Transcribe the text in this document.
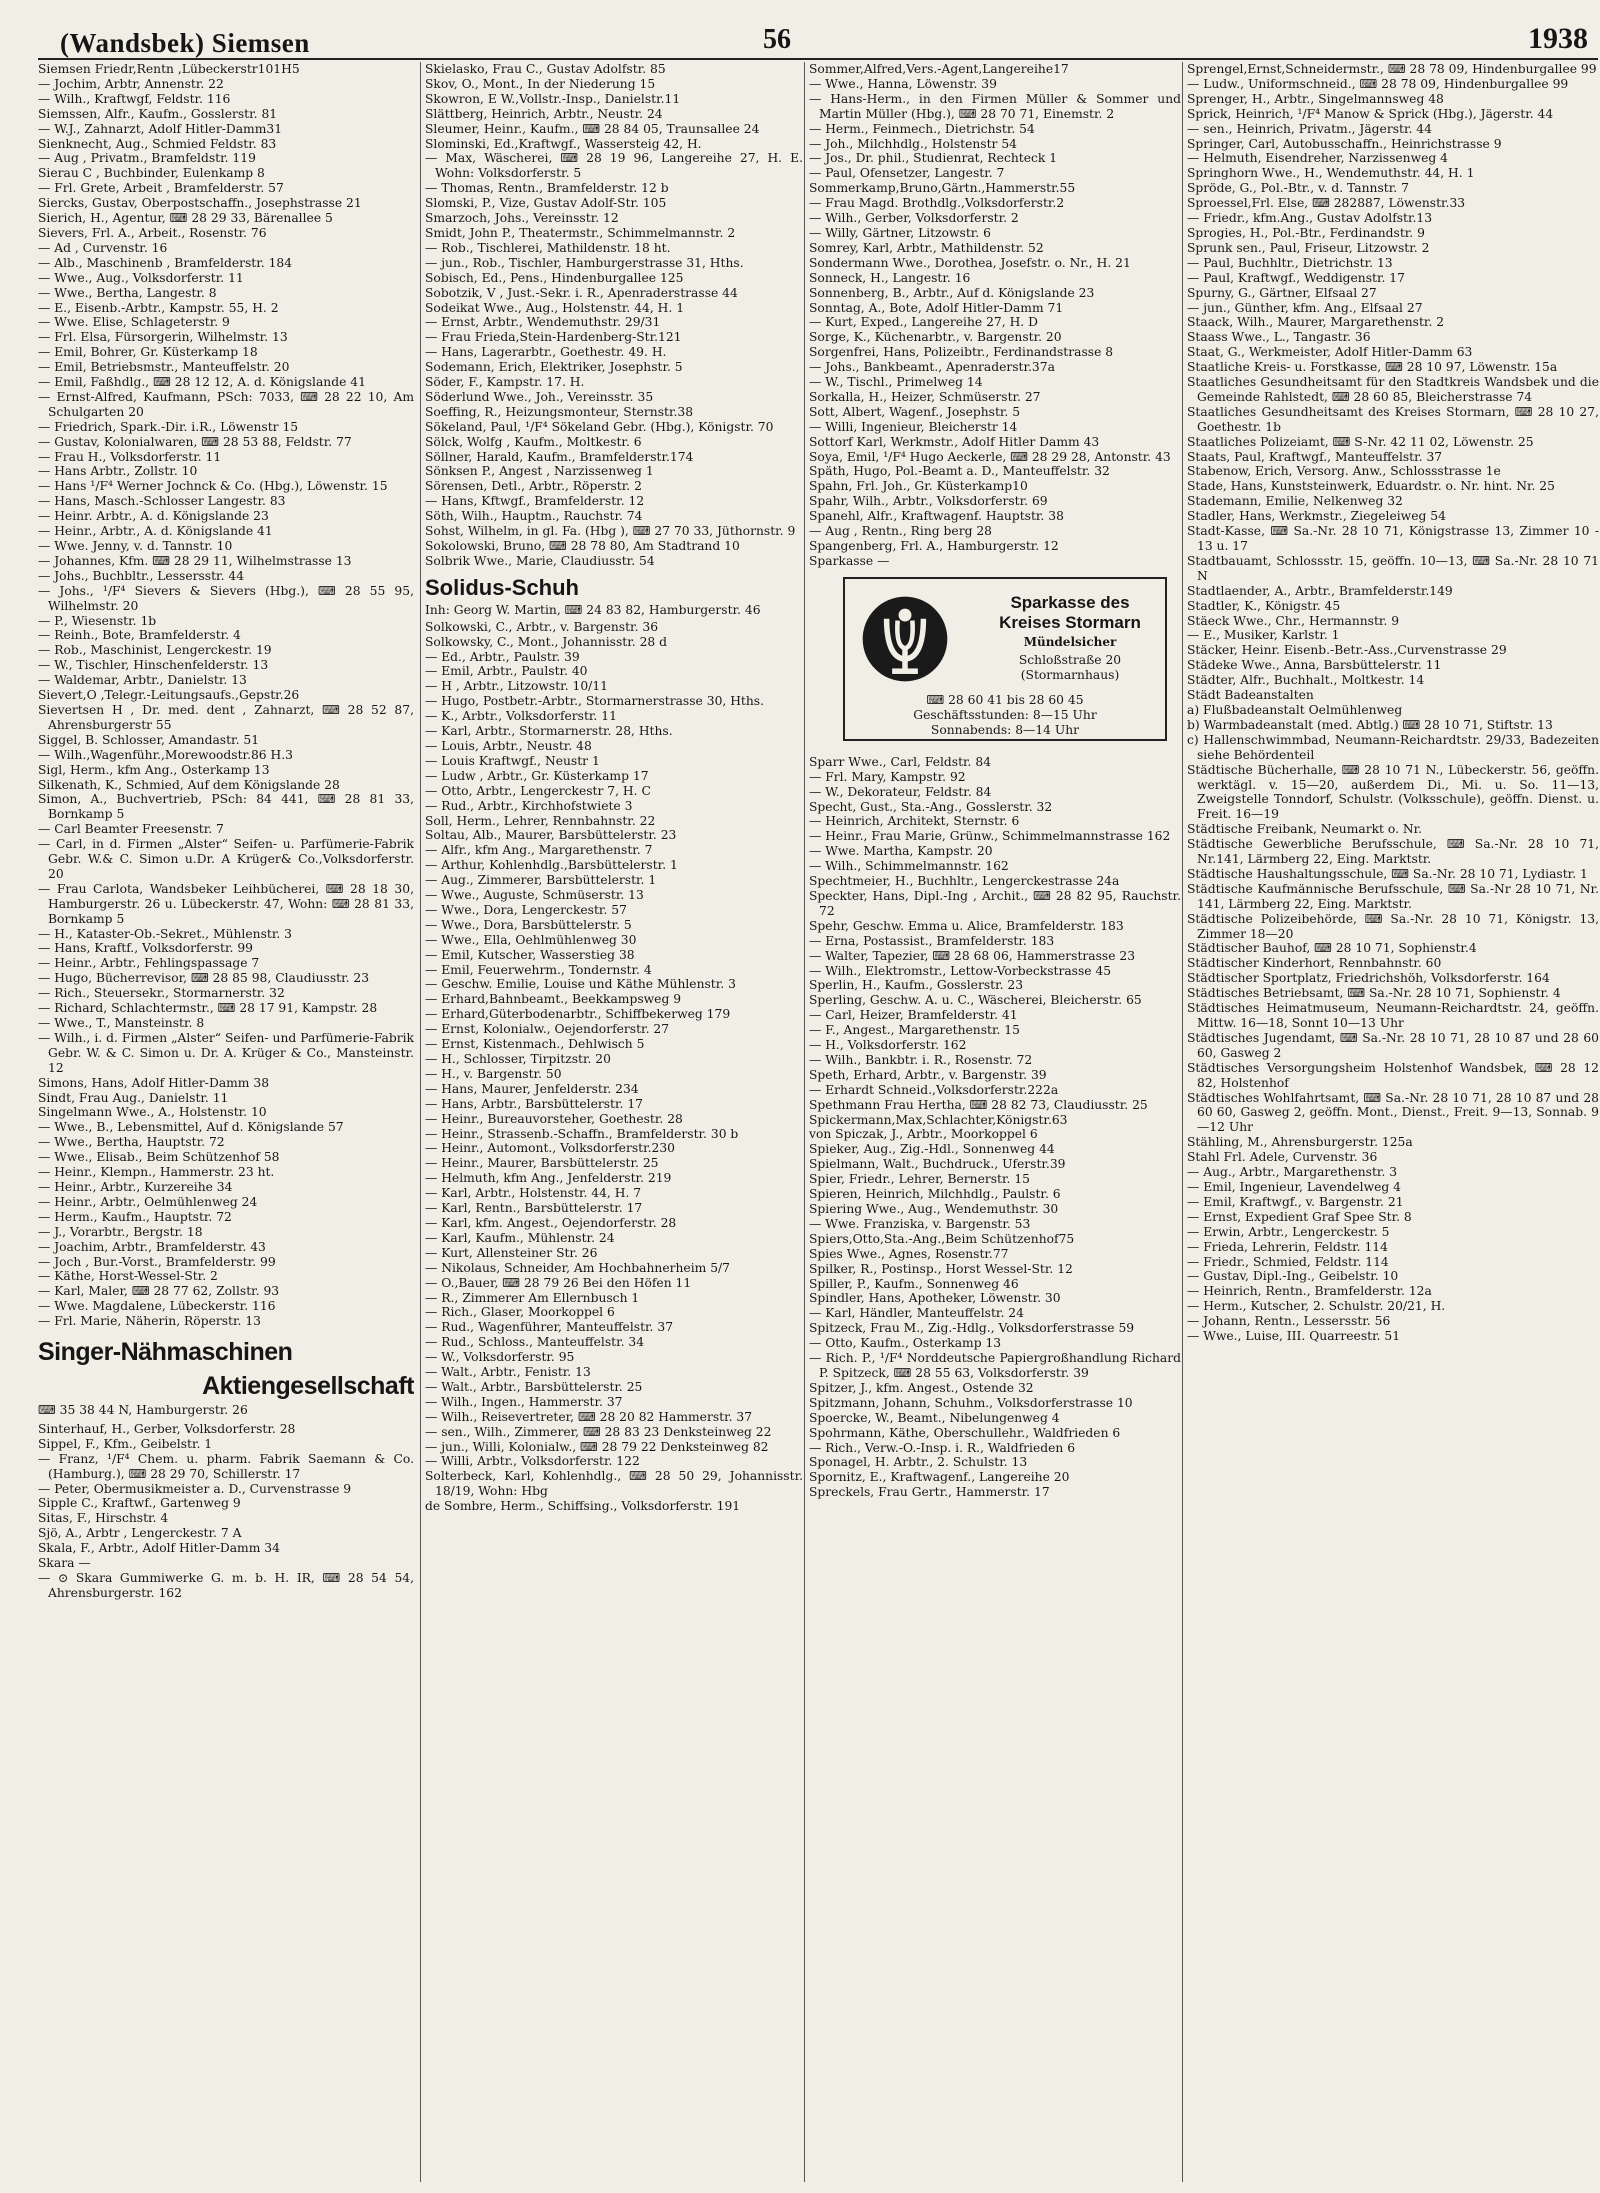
(Wandsbek) Siemsen	56	1938
Siemsen Friedr,Rentn ,Lübeckerstr101H5
— Jochim, Arbtr, Annenstr. 22
— Wilh., Kraftwgf, Feldstr. 116
Siemssen, Alfr., Kaufm., Gosslerstr. 81
— W.J., Zahnarzt, Adolf Hitler-Damm31
Sienknecht, Aug., Schmied Feldstr. 83
— Aug , Privatm., Bramfeldstr. 119
Sierau C , Buchbinder, Eulenkamp 8
— Frl. Grete, Arbeit , Bramfelderstr. 57
Siercks, Gustav, Oberpostschaffn., Josephstrasse 21
Sierich, H., Agentur, ⌨ 28 29 33, Bärenallee 5
Sievers, Frl. A., Arbeit., Rosenstr. 76
— Ad , Curvenstr. 16
— Alb., Maschinenb , Bramfelderstr. 184
— Wwe., Aug., Volksdorferstr. 11
— Wwe., Bertha, Langestr. 8
— E., Eisenb.-Arbtr., Kampstr. 55, H. 2
— Wwe. Elise, Schlageterstr. 9
— Frl. Elsa, Fürsorgerin, Wilhelmstr. 13
— Emil, Bohrer, Gr. Küsterkamp 18
— Emil, Betriebsmstr., Manteuffelstr. 20
— Emil, Faßhdlg., ⌨ 28 12 12, A. d. Königslande 41
— Ernst-Alfred, Kaufmann, PSch: 7033, ⌨ 28 22 10, Am Schulgarten 20
— Friedrich, Spark.-Dir. i.R., Löwenstr 15
— Gustav, Kolonialwaren, ⌨ 28 53 88, Feldstr. 77
— Frau H., Volksdorferstr. 11
— Hans Arbtr., Zollstr. 10
— Hans ¹/F⁴ Werner Jochnck & Co. (Hbg.), Löwenstr. 15
— Hans, Masch.-Schlosser Langestr. 83
— Heinr. Arbtr., A. d. Königslande 23
— Heinr., Arbtr., A. d. Königslande 41
— Wwe. Jenny, v. d. Tannstr. 10
— Johannes, Kfm. ⌨ 28 29 11, Wilhelmstrasse 13
— Johs., Buchbltr., Lessersstr. 44
— Johs., ¹/F⁴ Sievers & Sievers (Hbg.), ⌨ 28 55 95, Wilhelmstr. 20
— P., Wiesenstr. 1b
— Reinh., Bote, Bramfelderstr. 4
— Rob., Maschinist, Lengerckestr. 19
— W., Tischler, Hinschenfelderstr. 13
— Waldemar, Arbtr., Danielstr. 13
Sievert,O ,Telegr.-Leitungsaufs.,Gepstr.26
Sievertsen H , Dr. med. dent , Zahnarzt, ⌨ 28 52 87, Ahrensburgerstr 55
Siggel, B. Schlosser, Amandastr. 51
— Wilh.,Wagenführ.,Morewoodstr.86 H.3
Sigl, Herm., kfm Ang., Osterkamp 13
Silkenath, K., Schmied, Auf dem Königslande 28
Simon, A., Buchvertrieb, PSch: 84 441, ⌨ 28 81 33, Bornkamp 5
— Carl Beamter Freesenstr. 7
— Carl, in d. Firmen „Alster“ Seifen- u. Parfümerie-Fabrik Gebr. W.& C. Simon u.Dr. A Krüger& Co.,Volksdorferstr. 20
— Frau Carlota, Wandsbeker Leihbücherei, ⌨ 28 18 30, Hamburgerstr. 26 u. Lübeckerstr. 47, Wohn: ⌨ 28 81 33, Bornkamp 5
— H., Kataster-Ob.-Sekret., Mühlenstr. 3
— Hans, Kraftf., Volksdorferstr. 99
— Heinr., Arbtr., Fehlingspassage 7
— Hugo, Bücherrevisor, ⌨ 28 85 98, Claudiusstr. 23
— Rich., Steuersekr., Stormarnerstr. 32
— Richard, Schlachtermstr., ⌨ 28 17 91, Kampstr. 28
— Wwe., T., Mansteinstr. 8
— Wilh., i. d. Firmen „Alster“ Seifen- und Parfümerie-Fabrik Gebr. W. & C. Simon u. Dr. A. Krüger & Co., Mansteinstr. 12
Simons, Hans, Adolf Hitler-Damm 38
Sindt, Frau Aug., Danielstr. 11
Singelmann Wwe., A., Holstenstr. 10
— Wwe., B., Lebensmittel, Auf d. Königslande 57
— Wwe., Bertha, Hauptstr. 72
— Wwe., Elisab., Beim Schützenhof 58
— Heinr., Klempn., Hammerstr. 23 ht.
— Heinr., Arbtr., Kurzereihe 34
— Heinr., Arbtr., Oelmühlenweg 24
— Herm., Kaufm., Hauptstr. 72
— J., Vorarbtr., Bergstr. 18
— Joachim, Arbtr., Bramfelderstr. 43
— Joch , Bur.-Vorst., Bramfelderstr. 99
— Käthe, Horst-Wessel-Str. 2
— Karl, Maler, ⌨ 28 77 62, Zollstr. 93
— Wwe. Magdalene, Lübeckerstr. 116
— Frl. Marie, Näherin, Röperstr. 13
Singer-Nähmaschinen
Aktiengesellschaft
⌨ 35 38 44 N, Hamburgerstr. 26
Sinterhauf, H., Gerber, Volksdorferstr. 28
Sippel, F., Kfm., Geibelstr. 1
— Franz, ¹/F⁴ Chem. u. pharm. Fabrik Saemann & Co. (Hamburg.), ⌨ 28 29 70, Schillerstr. 17
— Peter, Obermusikmeister a. D., Curvenstrasse 9
Sipple C., Kraftwf., Gartenweg 9
Sitas, F., Hirschstr. 4
Sjö, A., Arbtr , Lengerckestr. 7 A
Skala, F., Arbtr., Adolf Hitler-Damm 34
Skara —
— ⊙ Skara Gummiwerke G. m. b. H. IR, ⌨ 28 54 54, Ahrensburgerstr. 162
Skielasko, Frau C., Gustav Adolfstr. 85
Skov, O., Mont., In der Niederung 15
Skowron, E W.,Vollstr.-Insp., Danielstr.11
Slättberg, Heinrich, Arbtr., Neustr. 24
Sleumer, Heinr., Kaufm., ⌨ 28 84 05, Traunsallee 24
Slominski, Ed.,Kraftwgf., Wassersteig 42, H.
— Max, Wäscherei, ⌨ 28 19 96, Langereihe 27, H. E. Wohn: Volksdorferstr. 5
— Thomas, Rentn., Bramfelderstr. 12 b
Slomski, P., Vize, Gustav Adolf-Str. 105
Smarzoch, Johs., Vereinsstr. 12
Smidt, John P., Theatermstr., Schimmelmannstr. 2
— Rob., Tischlerei, Mathildenstr. 18 ht.
— jun., Rob., Tischler, Hamburgerstrasse 31, Hths.
Sobisch, Ed., Pens., Hindenburgallee 125
Sobotzik, V , Just.-Sekr. i. R., Apenraderstrasse 44
Sodeikat Wwe., Aug., Holstenstr. 44, H. 1
— Ernst, Arbtr., Wendemuthstr. 29/31
— Frau Frieda,Stein-Hardenberg-Str.121
— Hans, Lagerarbtr., Goethestr. 49. H.
Sodemann, Erich, Elektriker, Josephstr. 5
Söder, F., Kampstr. 17. H.
Söderlund Wwe., Joh., Vereinsstr. 35
Soeffing, R., Heizungsmonteur, Sternstr.38
Sökeland, Paul, ¹/F⁴ Sökeland Gebr. (Hbg.), Königstr. 70
Sölck, Wolfg , Kaufm., Moltkestr. 6
Söllner, Harald, Kaufm., Bramfelderstr.174
Sönksen P., Angest , Narzissenweg 1
Sörensen, Detl., Arbtr., Röperstr. 2
— Hans, Kftwgf., Bramfelderstr. 12
Söth, Wilh., Hauptm., Rauchstr. 74
Sohst, Wilhelm, in gl. Fa. (Hbg ), ⌨ 27 70 33, Jüthornstr. 9
Sokolowski, Bruno, ⌨ 28 78 80, Am Stadtrand 10
Solbrik Wwe., Marie, Claudiusstr. 54
Solidus-Schuh
Inh: Georg W. Martin, ⌨ 24 83 82, Hamburgerstr. 46
Solkowski, C., Arbtr., v. Bargenstr. 36
Solkowsky, C., Mont., Johannisstr. 28 d
— Ed., Arbtr., Paulstr. 39
— Emil, Arbtr., Paulstr. 40
— H , Arbtr., Litzowstr. 10/11
— Hugo, Postbetr.-Arbtr., Stormarnerstrasse 30, Hths.
— K., Arbtr., Volksdorferstr. 11
— Karl, Arbtr., Stormarnerstr. 28, Hths.
— Louis, Arbtr., Neustr. 48
— Louis Kraftwgf., Neustr 1
— Ludw , Arbtr., Gr. Küsterkamp 17
— Otto, Arbtr., Lengerckestr 7, H. C
— Rud., Arbtr., Kirchhofstwiete 3
Soll, Herm., Lehrer, Rennbahnstr. 22
Soltau, Alb., Maurer, Barsbüttelerstr. 23
— Alfr., kfm Ang., Margarethenstr. 7
— Arthur, Kohlenhdlg.,Barsbüttelerstr. 1
— Aug., Zimmerer, Barsbüttelerstr. 1
— Wwe., Auguste, Schmüserstr. 13
— Wwe., Dora, Lengerckestr. 57
— Wwe., Dora, Barsbüttelerstr. 5
— Wwe., Ella, Oehlmühlenweg 30
— Emil, Kutscher, Wasserstieg 38
— Emil, Feuerwehrm., Tondernstr. 4
— Geschw. Emilie, Louise und Käthe Mühlenstr. 3
— Erhard,Bahnbeamt., Beekkampsweg 9
— Erhard,Güterbodenarbtr., Schiffbekerweg 179
— Ernst, Kolonialw., Oejendorferstr. 27
— Ernst, Kistenmach., Dehlwisch 5
— H., Schlosser, Tirpitzstr. 20
— H., v. Bargenstr. 50
— Hans, Maurer, Jenfelderstr. 234
— Hans, Arbtr., Barsbüttelerstr. 17
— Heinr., Bureauvorsteher, Goethestr. 28
— Heinr., Strassenb.-Schaffn., Bramfelderstr. 30 b
— Heinr., Automont., Volksdorferstr.230
— Heinr., Maurer, Barsbüttelerstr. 25
— Helmuth, kfm Ang., Jenfelderstr. 219
— Karl, Arbtr., Holstenstr. 44, H. 7
— Karl, Rentn., Barsbüttelerstr. 17
— Karl, kfm. Angest., Oejendorferstr. 28
— Karl, Kaufm., Mühlenstr. 24
— Kurt, Allensteiner Str. 26
— Nikolaus, Schneider, Am Hochbahnerheim 5/7
— O.,Bauer, ⌨ 28 79 26 Bei den Höfen 11
— R., Zimmerer Am Ellernbusch 1
— Rich., Glaser, Moorkoppel 6
— Rud., Wagenführer, Manteuffelstr. 37
— Rud., Schloss., Manteuffelstr. 34
— W., Volksdorferstr. 95
— Walt., Arbtr., Fenistr. 13
— Walt., Arbtr., Barsbüttelerstr. 25
— Wilh., Ingen., Hammerstr. 37
— Wilh., Reisevertreter, ⌨ 28 20 82 Hammerstr. 37
— sen., Wilh., Zimmerer, ⌨ 28 83 23 Denksteinweg 22
— jun., Willi, Kolonialw., ⌨ 28 79 22 Denksteinweg 82
— Willi, Arbtr., Volksdorferstr. 122
Solterbeck, Karl, Kohlenhdlg., ⌨ 28 50 29, Johannisstr. 18/19, Wohn: Hbg
de Sombre, Herm., Schiffsing., Volksdorferstr. 191
Sommer,Alfred,Vers.-Agent,Langereihe17
— Wwe., Hanna, Löwenstr. 39
— Hans-Herm., in den Firmen Müller & Sommer und Martin Müller (Hbg.), ⌨ 28 70 71, Einemstr. 2
— Herm., Feinmech., Dietrichstr. 54
— Joh., Milchhdlg., Holstenstr 54
— Jos., Dr. phil., Studienrat, Rechteck 1
— Paul, Ofensetzer, Langestr. 7
Sommerkamp,Bruno,Gärtn.,Hammerstr.55
— Frau Magd. Brothdlg.,Volksdorferstr.2
— Wilh., Gerber, Volksdorferstr. 2
— Willy, Gärtner, Litzowstr. 6
Somrey, Karl, Arbtr., Mathildenstr. 52
Sondermann Wwe., Dorothea, Josefstr. o. Nr., H. 21
Sonneck, H., Langestr. 16
Sonnenberg, B., Arbtr., Auf d. Königslande 23
Sonntag, A., Bote, Adolf Hitler-Damm 71
— Kurt, Exped., Langereihe 27, H. D
Sorge, K., Küchenarbtr., v. Bargenstr. 20
Sorgenfrei, Hans, Polizeibtr., Ferdinandstrasse 8
— Johs., Bankbeamt., Apenraderstr.37a
— W., Tischl., Primelweg 14
Sorkalla, H., Heizer, Schmüserstr. 27
Sott, Albert, Wagenf., Josephstr. 5
— Willi, Ingenieur, Bleicherstr 14
Sottorf Karl, Werkmstr., Adolf Hitler Damm 43
Soya, Emil, ¹/F⁴ Hugo Aeckerle, ⌨ 28 29 28, Antonstr. 43
Späth, Hugo, Pol.-Beamt a. D., Manteuffelstr. 32
Spahn, Frl. Joh., Gr. Küsterkamp10
Spahr, Wilh., Arbtr., Volksdorferstr. 69
Spanehl, Alfr., Kraftwagenf. Hauptstr. 38
— Aug , Rentn., Ring berg 28
Spangenberg, Frl. A., Hamburgerstr. 12
Sparkasse —
Sparkasse des
Kreises Stormarn
Mündelsicher
Schloßstraße 20
(Stormarnhaus)
⌨ 28 60 41 bis 28 60 45
Geschäftsstunden: 8—15 Uhr
Sonnabends: 8—14 Uhr
Sparr Wwe., Carl, Feldstr. 84
— Frl. Mary, Kampstr. 92
— W., Dekorateur, Feldstr. 84
Specht, Gust., Sta.-Ang., Gosslerstr. 32
— Heinrich, Architekt, Sternstr. 6
— Heinr., Frau Marie, Grünw., Schimmelmannstrasse 162
— Wwe. Martha, Kampstr. 20
— Wilh., Schimmelmannstr. 162
Spechtmeier, H., Buchhltr., Lengerckestrasse 24a
Speckter, Hans, Dipl.-Ing , Archit., ⌨ 28 82 95, Rauchstr. 72
Spehr, Geschw. Emma u. Alice, Bramfelderstr. 183
— Erna, Postassist., Bramfelderstr. 183
— Walter, Tapezier, ⌨ 28 68 06, Hammerstrasse 23
— Wilh., Elektromstr., Lettow-Vorbeckstrasse 45
Sperlin, H., Kaufm., Gosslerstr. 23
Sperling, Geschw. A. u. C., Wäscherei, Bleicherstr. 65
— Carl, Heizer, Bramfelderstr. 41
— F., Angest., Margarethenstr. 15
— H., Volksdorferstr. 162
— Wilh., Bankbtr. i. R., Rosenstr. 72
Speth, Erhard, Arbtr., v. Bargenstr. 39
— Erhardt Schneid.,Volksdorferstr.222a
Spethmann Frau Hertha, ⌨ 28 82 73, Claudiusstr. 25
Spickermann,Max,Schlachter,Königstr.63
von Spiczak, J., Arbtr., Moorkoppel 6
Spieker, Aug., Zig.-Hdl., Sonnenweg 44
Spielmann, Walt., Buchdruck., Uferstr.39
Spier, Friedr., Lehrer, Bernerstr. 15
Spieren, Heinrich, Milchhdlg., Paulstr. 6
Spiering Wwe., Aug., Wendemuthstr. 30
— Wwe. Franziska, v. Bargenstr. 53
Spiers,Otto,Sta.-Ang.,Beim Schützenhof75
Spies Wwe., Agnes, Rosenstr.77
Spilker, R., Postinsp., Horst Wessel-Str. 12
Spiller, P., Kaufm., Sonnenweg 46
Spindler, Hans, Apotheker, Löwenstr. 30
— Karl, Händler, Manteuffelstr. 24
Spitzeck, Frau M., Zig.-Hdlg., Volksdorferstrasse 59
— Otto, Kaufm., Osterkamp 13
— Rich. P., ¹/F⁴ Norddeutsche Papiergroßhandlung Richard P. Spitzeck, ⌨ 28 55 63, Volksdorferstr. 39
Spitzer, J., kfm. Angest., Ostende 32
Spitzmann, Johann, Schuhm., Volksdorferstrasse 10
Spoercke, W., Beamt., Nibelungenweg 4
Spohrmann, Käthe, Oberschullehr., Waldfrieden 6
— Rich., Verw.-O.-Insp. i. R., Waldfrieden 6
Sponagel, H. Arbtr., 2. Schulstr. 13
Spornitz, E., Kraftwagenf., Langereihe 20
Spreckels, Frau Gertr., Hammerstr. 17
Sprengel,Ernst,Schneidermstr., ⌨ 28 78 09, Hindenburgallee 99
— Ludw., Uniformschneid., ⌨ 28 78 09, Hindenburgallee 99
Sprenger, H., Arbtr., Singelmannsweg 48
Sprick, Heinrich, ¹/F⁴ Manow & Sprick (Hbg.), Jägerstr. 44
— sen., Heinrich, Privatm., Jägerstr. 44
Springer, Carl, Autobusschaffn., Heinrichstrasse 9
— Helmuth, Eisendreher, Narzissenweg 4
Springhorn Wwe., H., Wendemuthstr. 44, H. 1
Spröde, G., Pol.-Btr., v. d. Tannstr. 7
Sproessel,Frl. Else, ⌨ 282887, Löwenstr.33
— Friedr., kfm.Ang., Gustav Adolfstr.13
Sprogies, H., Pol.-Btr., Ferdinandstr. 9
Sprunk sen., Paul, Friseur, Litzowstr. 2
— Paul, Buchhltr., Dietrichstr. 13
— Paul, Kraftwgf., Weddigenstr. 17
Spurny, G., Gärtner, Elfsaal 27
— jun., Günther, kfm. Ang., Elfsaal 27
Staack, Wilh., Maurer, Margarethenstr. 2
Staass Wwe., L., Tangastr. 36
Staat, G., Werkmeister, Adolf Hitler-Damm 63
Staatliche Kreis- u. Forstkasse, ⌨ 28 10 97, Löwenstr. 15a
Staatliches Gesundheitsamt für den Stadtkreis Wandsbek und die Gemeinde Rahlstedt, ⌨ 28 60 85, Bleicherstrasse 74
Staatliches Gesundheitsamt des Kreises Stormarn, ⌨ 28 10 27, Goethestr. 1b
Staatliches Polizeiamt, ⌨ S-Nr. 42 11 02, Löwenstr. 25
Staats, Paul, Kraftwgf., Manteuffelstr. 37
Stabenow, Erich, Versorg. Anw., Schlossstrasse 1e
Stade, Hans, Kunststeinwerk, Eduardstr. o. Nr. hint. Nr. 25
Stademann, Emilie, Nelkenweg 32
Stadler, Hans, Werkmstr., Ziegeleiweg 54
Stadt-Kasse, ⌨ Sa.-Nr. 28 10 71, Königstrasse 13, Zimmer 10 - 13 u. 17
Stadtbauamt, Schlossstr. 15, geöffn. 10—13, ⌨ Sa.-Nr. 28 10 71 N
Stadtlaender, A., Arbtr., Bramfelderstr.149
Stadtler, K., Königstr. 45
Stäeck Wwe., Chr., Hermannstr. 9
— E., Musiker, Karlstr. 1
Stäcker, Heinr. Eisenb.-Betr.-Ass.,Curvenstrasse 29
Städeke Wwe., Anna, Barsbüttelerstr. 11
Städter, Alfr., Buchhalt., Moltkestr. 14
Städt Badeanstalten
a) Flußbadeanstalt Oelmühlenweg
b) Warmbadeanstalt (med. Abtlg.) ⌨ 28 10 71, Stiftstr. 13
c) Hallenschwimmbad, Neumann-Reichardtstr. 29/33, Badezeiten siehe Behördenteil
Städtische Bücherhalle, ⌨ 28 10 71 N., Lübeckerstr. 56, geöffn. werktägl. v. 15—20, außerdem Di., Mi. u. So. 11—13, Zweigstelle Tonndorf, Schulstr. (Volksschule), geöffn. Dienst. u. Freit. 16—19
Städtische Freibank, Neumarkt o. Nr.
Städtische Gewerbliche Berufsschule, ⌨ Sa.-Nr. 28 10 71, Nr.141, Lärmberg 22, Eing. Marktstr.
Städtische Haushaltungsschule, ⌨ Sa.-Nr. 28 10 71, Lydiastr. 1
Städtische Kaufmännische Berufsschule, ⌨ Sa.-Nr 28 10 71, Nr. 141, Lärmberg 22, Eing. Marktstr.
Städtische Polizeibehörde, ⌨ Sa.-Nr. 28 10 71, Königstr. 13, Zimmer 18—20
Städtischer Bauhof, ⌨ 28 10 71, Sophienstr.4
Städtischer Kinderhort, Rennbahnstr. 60
Städtischer Sportplatz, Friedrichshöh, Volksdorferstr. 164
Städtisches Betriebsamt, ⌨ Sa.-Nr. 28 10 71, Sophienstr. 4
Städtisches Heimatmuseum, Neumann-Reichardtstr. 24, geöffn. Mittw. 16—18, Sonnt 10—13 Uhr
Städtisches Jugendamt, ⌨ Sa.-Nr. 28 10 71, 28 10 87 und 28 60 60, Gasweg 2
Städtisches Versorgungsheim Holstenhof Wandsbek, ⌨ 28 12 82, Holstenhof
Städtisches Wohlfahrtsamt, ⌨ Sa.-Nr. 28 10 71, 28 10 87 und 28 60 60, Gasweg 2, geöffn. Mont., Dienst., Freit. 9—13, Sonnab. 9—12 Uhr
Stähling, M., Ahrensburgerstr. 125a
Stahl Frl. Adele, Curvenstr. 36
— Aug., Arbtr., Margarethenstr. 3
— Emil, Ingenieur, Lavendelweg 4
— Emil, Kraftwgf., v. Bargenstr. 21
— Ernst, Expedient Graf Spee Str. 8
— Erwin, Arbtr., Lengerckestr. 5
— Frieda, Lehrerin, Feldstr. 114
— Friedr., Schmied, Feldstr. 114
— Gustav, Dipl.-Ing., Geibelstr. 10
— Heinrich, Rentn., Bramfelderstr. 12a
— Herm., Kutscher, 2. Schulstr. 20/21, H.
— Johann, Rentn., Lessersstr. 56
— Wwe., Luise, III. Quarreestr. 51
